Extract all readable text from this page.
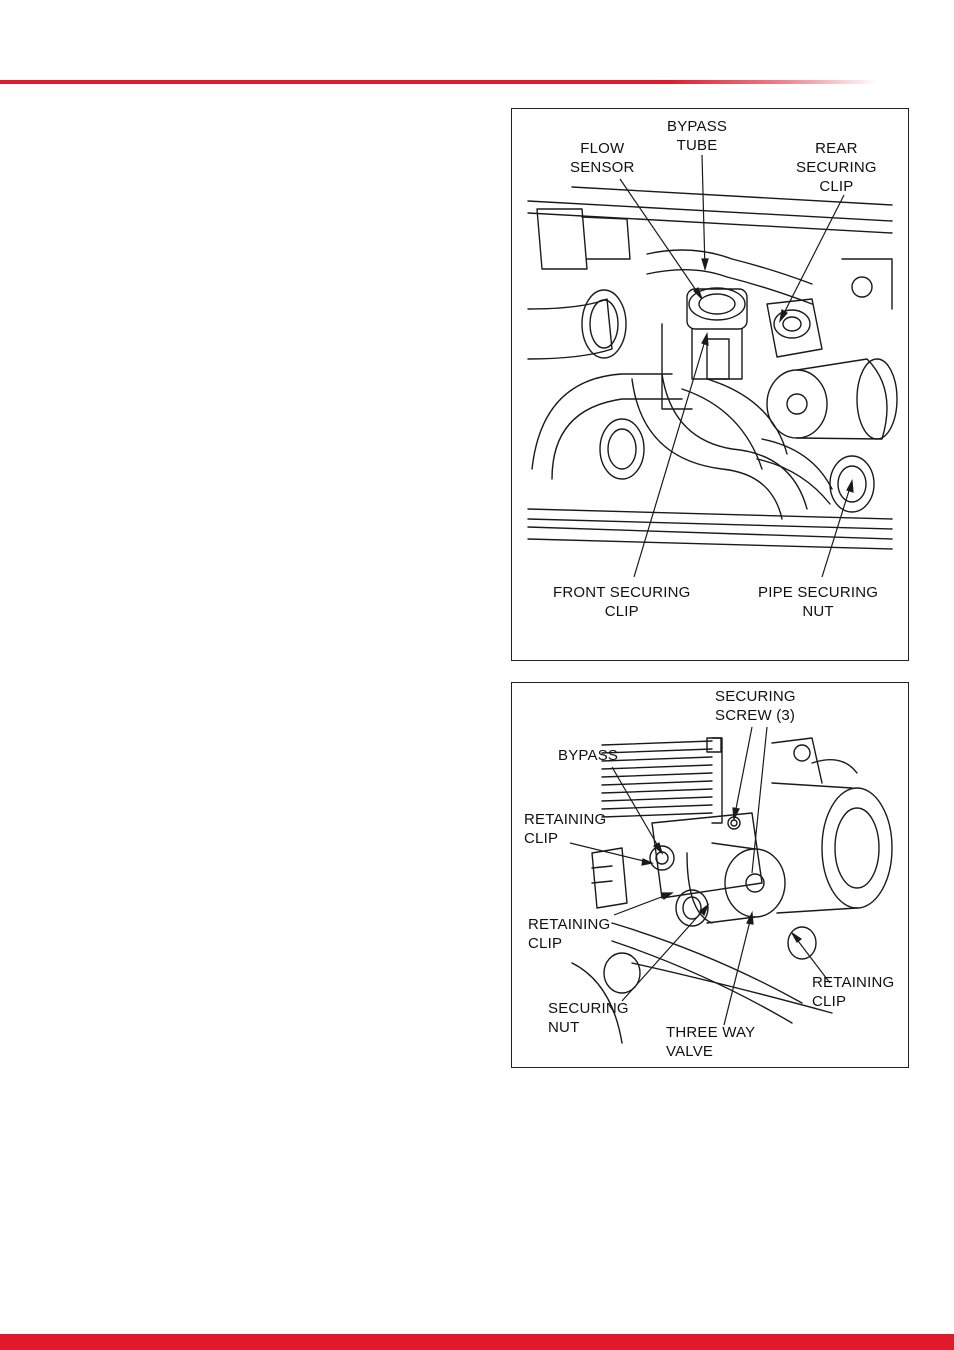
FLOW
SENSOR
BYPASS
TUBE	REAR
SECURING
CLIP
FRONT SECURING
CLIP
PIPE SECURING
NUT
SECURING
SCREW (3)
BYPASS
RETAINING
CLIP
RETAINING
CLIP
RETAINING
CLIP
SECURING
NUT	THREE WAY
VALVE
